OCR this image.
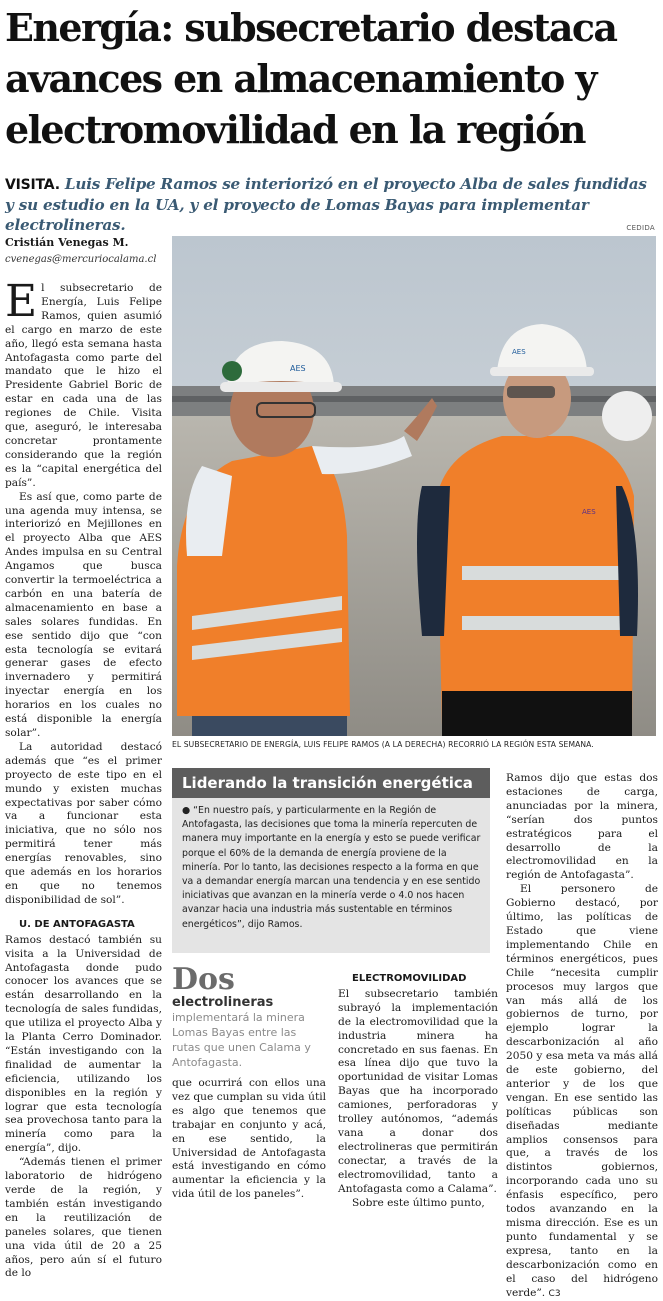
Energía: subsecretario destaca
avances en almacenamiento y
electromovilidad en la región
VISITA. Luis Felipe Ramos se interiorizó en el proyecto Alba de sales fundidas y su estudio en la UA, y el proyecto de Lomas Bayas para implementar electrolineras.	CEDIDA
Cristián Venegas M.
cvenegas@mercuriocalama.cl

El subsecretario de Energía, Luis Felipe Ramos, quien asumió el cargo en marzo de este año, llegó esta semana hasta Antofagasta como parte del mandato que le hizo el Presidente Gabriel Boric de estar en cada una de las regiones de Chile. Visita que, aseguró, le interesaba concretar prontamente considerando que la región es la “capital energética del país”.

Es así que, como parte de una agenda muy intensa, se interiorizó en Mejillones en el proyecto Alba que AES Andes impulsa en su Central Angamos que busca convertir la termoeléctrica a carbón en una batería de almacenamiento en base a sales solares fundidas. En ese sentido dijo que “con esta tecnología se evitará generar gases de efecto invernadero y permitirá inyectar energía en los horarios en los cuales no está disponible la energía solar”.

La autoridad destacó además que “es el primer proyecto de este tipo en el mundo y existen muchas expectativas por saber cómo va a funcionar esta iniciativa, que no sólo nos permitirá tener más energías renovables, sino que además en los horarios en que no tenemos disponibilidad de sol”.

U. DE ANTOFAGASTA

Ramos destacó también su visita a la Universidad de Antofagasta donde pudo conocer los avances que se están desarrollando en la tecnología de sales fundidas, que utiliza el proyecto Alba y la Planta Cerro Dominador. “Están investigando con la finalidad de aumentar la eficiencia, utilizando los disponibles en la región y lograr que esta tecnología sea provechosa tanto para la minería como para la energía”, dijo.

“Además tienen el primer laboratorio de hidrógeno verde de la región, y también están investigando en la reutilización de paneles solares, que tienen una vida útil de 20 a 25 años, pero aún sí el futuro de lo

AES
AES
AES
EL SUBSECRETARIO DE ENERGÍA, LUIS FELIPE RAMOS (A LA DERECHA) RECORRIÓ LA REGIÓN ESTA SEMANA.
Liderando la transición energética
● “En nuestro país, y particularmente en la Región de Antofagasta, las decisiones que toma la minería repercuten de manera muy importante en la energía y esto se puede verificar porque el 60% de la demanda de energía proviene de la minería. Por lo tanto, las decisiones respecto a la forma en que va a demandar energía marcan una tendencia y en ese sentido iniciativas que avanzan en la minería verde o 4.0 nos hacen avanzar hacia una industria más sustentable en términos energéticos”, dijo Ramos.

Ramos dijo que estas dos estaciones de carga, anunciadas por la minera, “serían dos puntos estratégicos para el desarrollo de la electromovilidad en la región de Antofagasta”.

El personero de Gobierno destacó, por último, las políticas de Estado que viene implementando Chile en términos energéticos, pues Chile “necesita cumplir procesos muy largos que van más allá de los gobiernos de turno, por ejemplo lograr la descarbonización al año 2050 y esa meta va más allá de este gobierno, del anterior y de los que vengan. En ese sentido las políticas públicas son diseñadas mediante amplios consensos para que, a través de los distintos gobiernos, incorporando cada uno su énfasis específico, pero todos avanzando en la misma dirección. Ese es un punto fundamental y se expresa, tanto en la descarbonización como en el caso del hidrógeno verde”. C3

Dos
electrolineras implementará la minera Lomas Bayas entre las rutas que unen Calama y Antofagasta.

que ocurrirá con ellos una vez que cumplan su vida útil es algo que tenemos que trabajar en conjunto y acá, en ese sentido, la Universidad de Antofagasta está investigando en cómo aumentar la eficiencia y la vida útil de los paneles”.

ELECTROMOVILIDAD

El subsecretario también subrayó la implementación de la electromovilidad que la industria minera ha concretado en sus faenas. En esa línea dijo que tuvo la oportunidad de visitar Lomas Bayas que ha incorporado camiones, perforadoras y trolley autónomos, “además vana a donar dos electrolineras que permitirán conectar, a través de la electromovilidad, tanto a Antofagasta como a Calama”.

Sobre este último punto,
